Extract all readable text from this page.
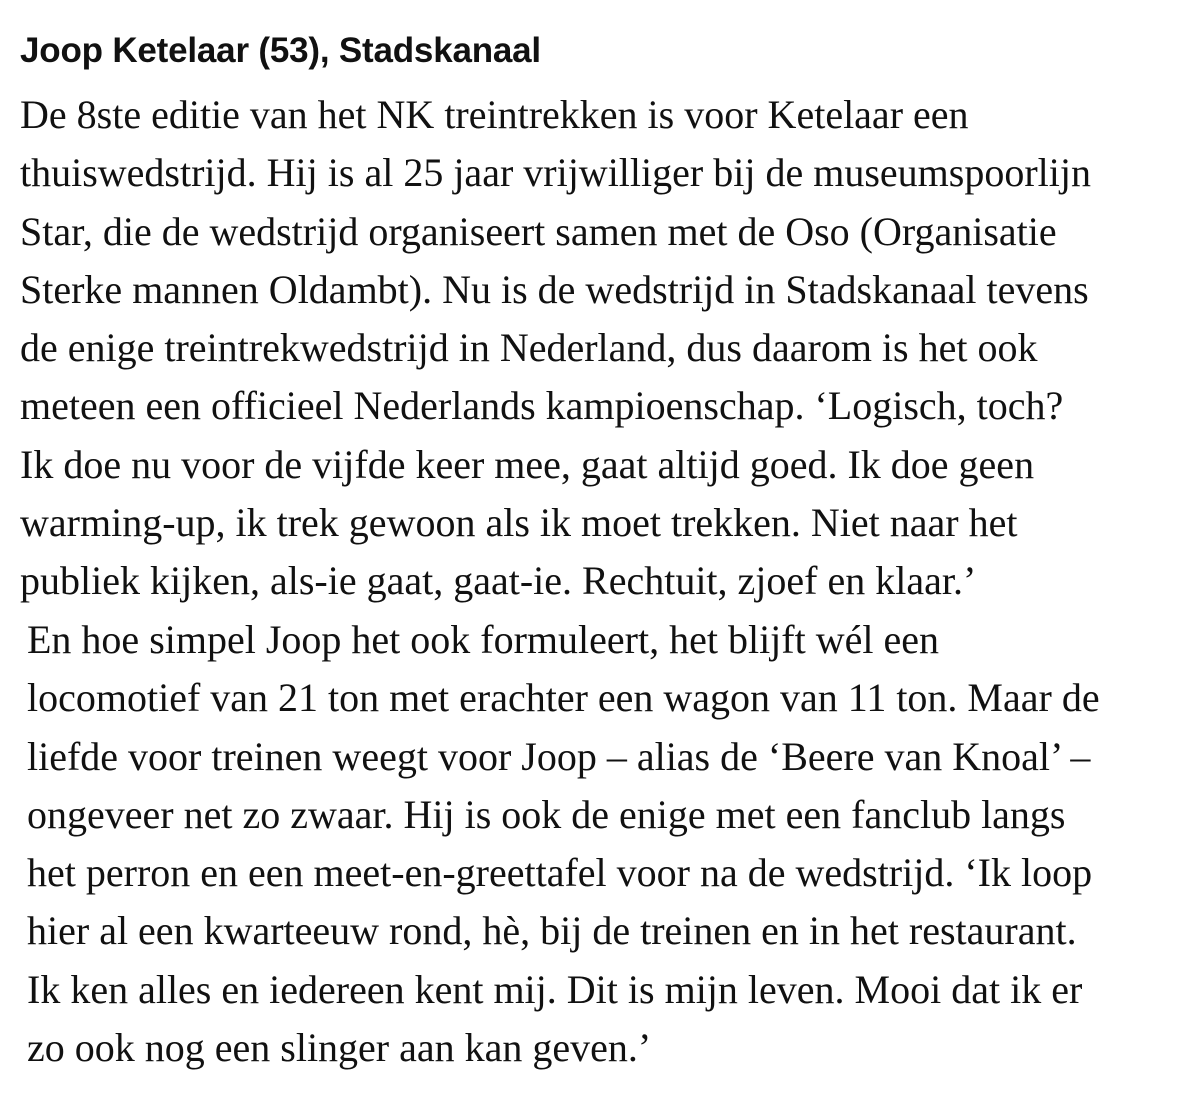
Joop Ketelaar (53), Stadskanaal

De 8ste editie van het NK treintrekken is voor Ketelaar een
thuiswedstrijd. Hij is al 25 jaar vrijwilliger bij de museumspoorlijn
Star, die de wedstrijd organiseert samen met de Oso (Organisatie
Sterke mannen Oldambt). Nu is de wedstrijd in Stadskanaal tevens
de enige treintrekwedstrijd in Nederland, dus daarom is het ook
meteen een officieel Nederlands kampioenschap. ‘Logisch, toch?
Ik doe nu voor de vijfde keer mee, gaat altijd goed. Ik doe geen
warming-up, ik trek gewoon als ik moet trekken. Niet naar het
publiek kijken, als-ie gaat, gaat-ie. Rechtuit, zjoef en klaar.’

En hoe simpel Joop het ook formuleert, het blijft wél een
locomotief van 21 ton met erachter een wagon van 11 ton. Maar de
liefde voor treinen weegt voor Joop – alias de ‘Beere van Knoal’ –
ongeveer net zo zwaar. Hij is ook de enige met een fanclub langs
het perron en een meet-en-greettafel voor na de wedstrijd. ‘Ik loop
hier al een kwarteeuw rond, hè, bij de treinen en in het restaurant.
Ik ken alles en iedereen kent mij. Dit is mijn leven. Mooi dat ik er
zo ook nog een slinger aan kan geven.’
